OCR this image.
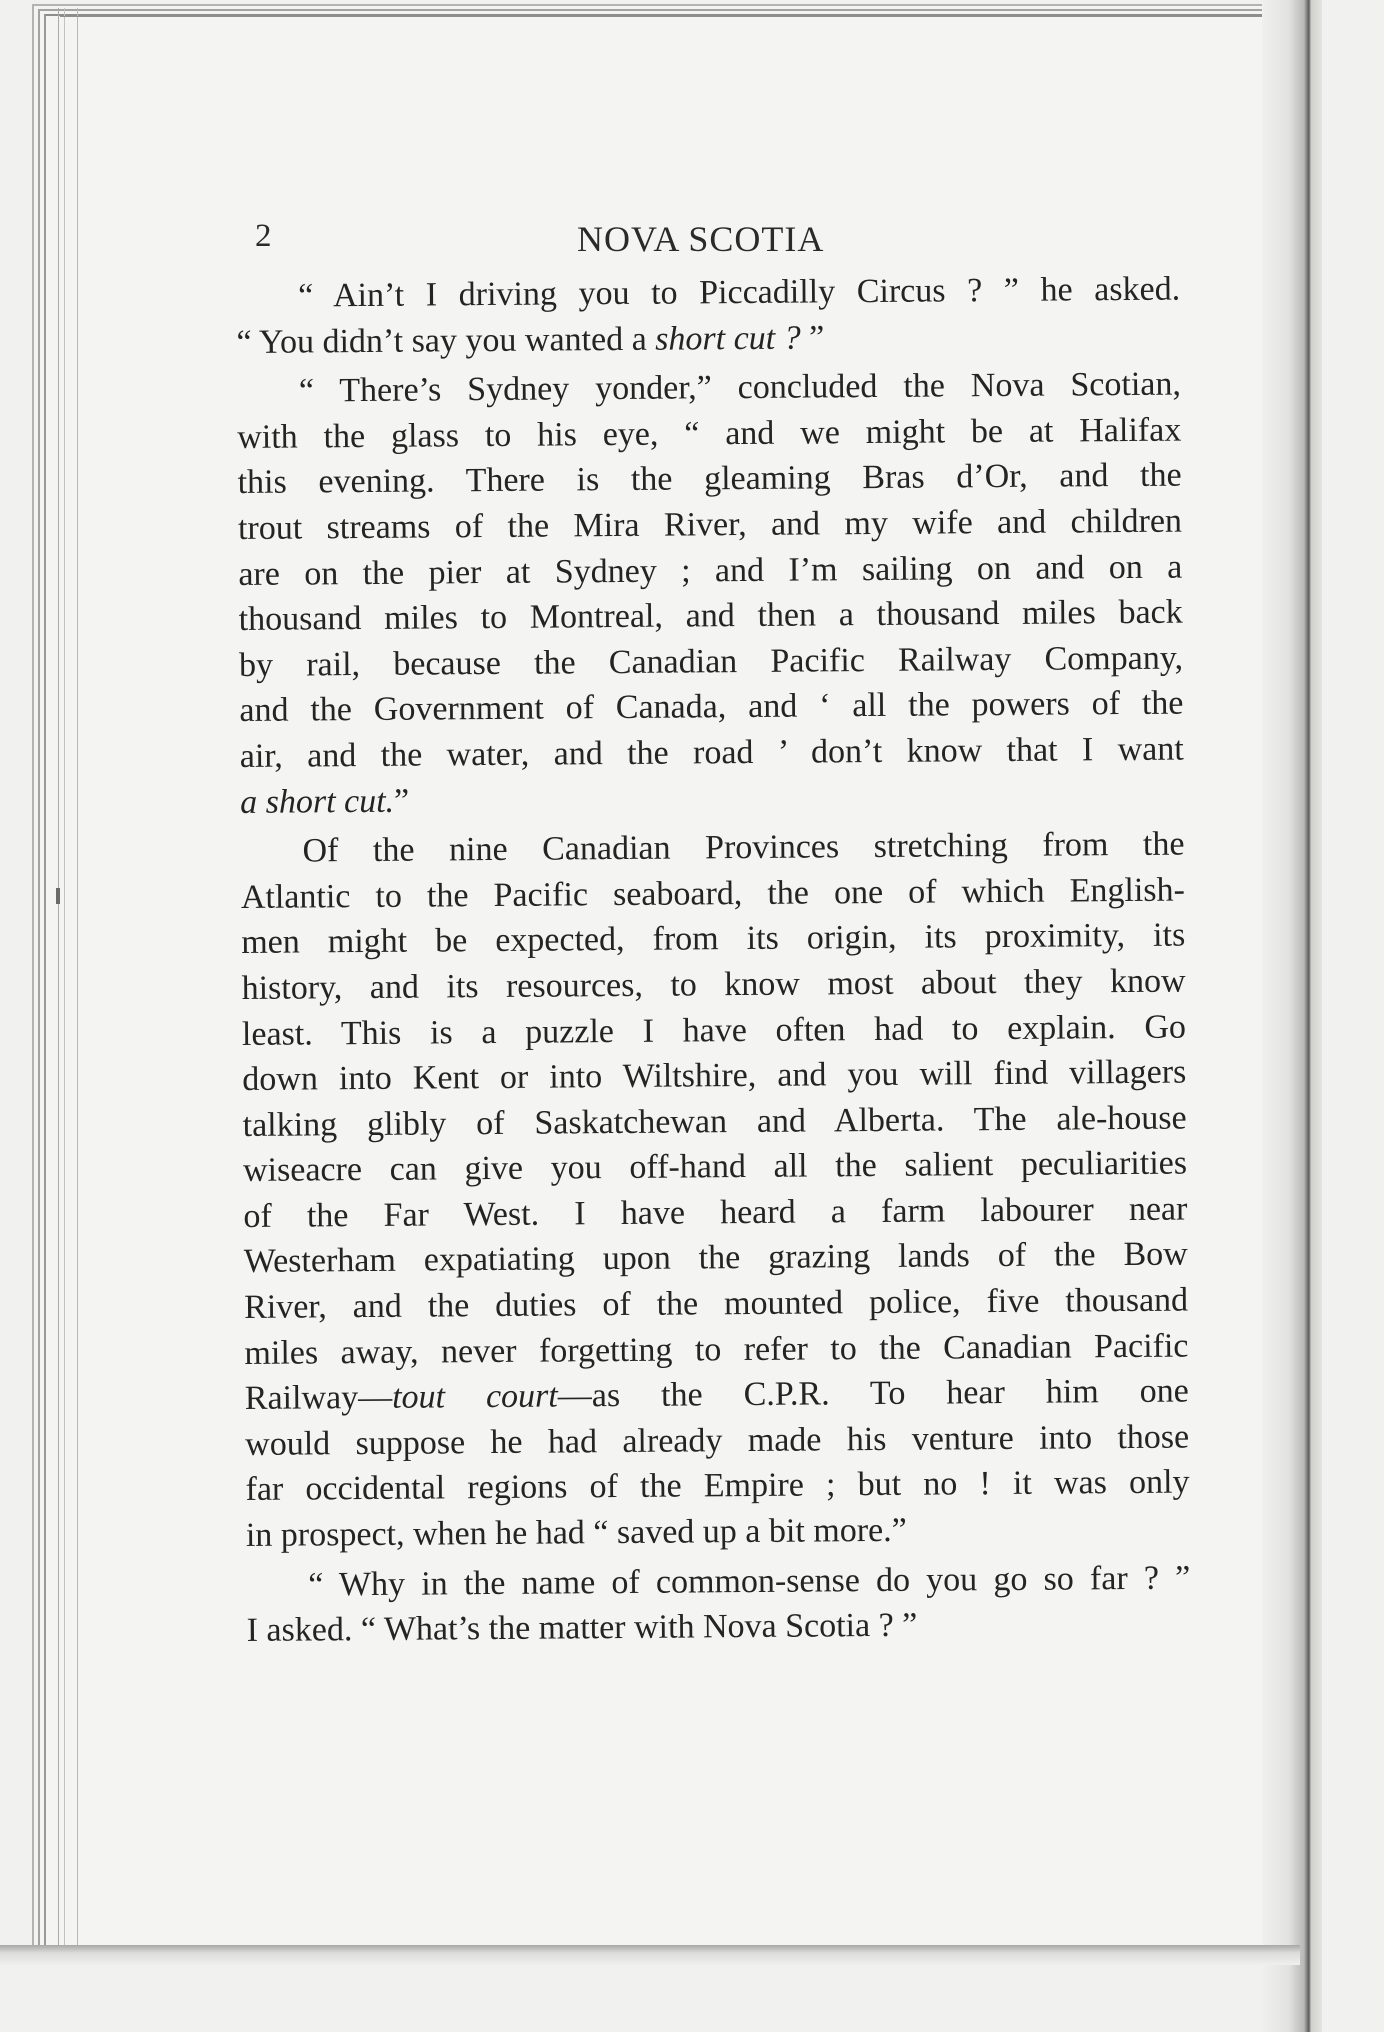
2	NOVA SCOTIA
“ Ain’t I driving you to Piccadilly Circus ? ” he asked.
“ You didn’t say you wanted a short cut ? ”
“ There’s Sydney yonder,” concluded the Nova Scotian,
with the glass to his eye, “ and we might be at Halifax
this evening. There is the gleaming Bras d’Or, and the
trout streams of the Mira River, and my wife and children
are on the pier at Sydney ; and I’m sailing on and on a
thousand miles to Montreal, and then a thousand miles back
by rail, because the Canadian Pacific Railway Company,
and the Government of Canada, and ‘ all the powers of the
air, and the water, and the road ’ don’t know that I want
a short cut.”
Of the nine Canadian Provinces stretching from the
Atlantic to the Pacific seaboard, the one of which English-
men might be expected, from its origin, its proximity, its
history, and its resources, to know most about they know
least. This is a puzzle I have often had to explain. Go
down into Kent or into Wiltshire, and you will find villagers
talking glibly of Saskatchewan and Alberta. The ale-house
wiseacre can give you off-hand all the salient peculiarities
of the Far West. I have heard a farm labourer near
Westerham expatiating upon the grazing lands of the Bow
River, and the duties of the mounted police, five thousand
miles away, never forgetting to refer to the Canadian Pacific
Railway—tout court—as the C.P.R. To hear him one
would suppose he had already made his venture into those
far occidental regions of the Empire ; but no ! it was only
in prospect, when he had “ saved up a bit more.”
“ Why in the name of common-sense do you go so far ? ”
I asked. “ What’s the matter with Nova Scotia ? ”
